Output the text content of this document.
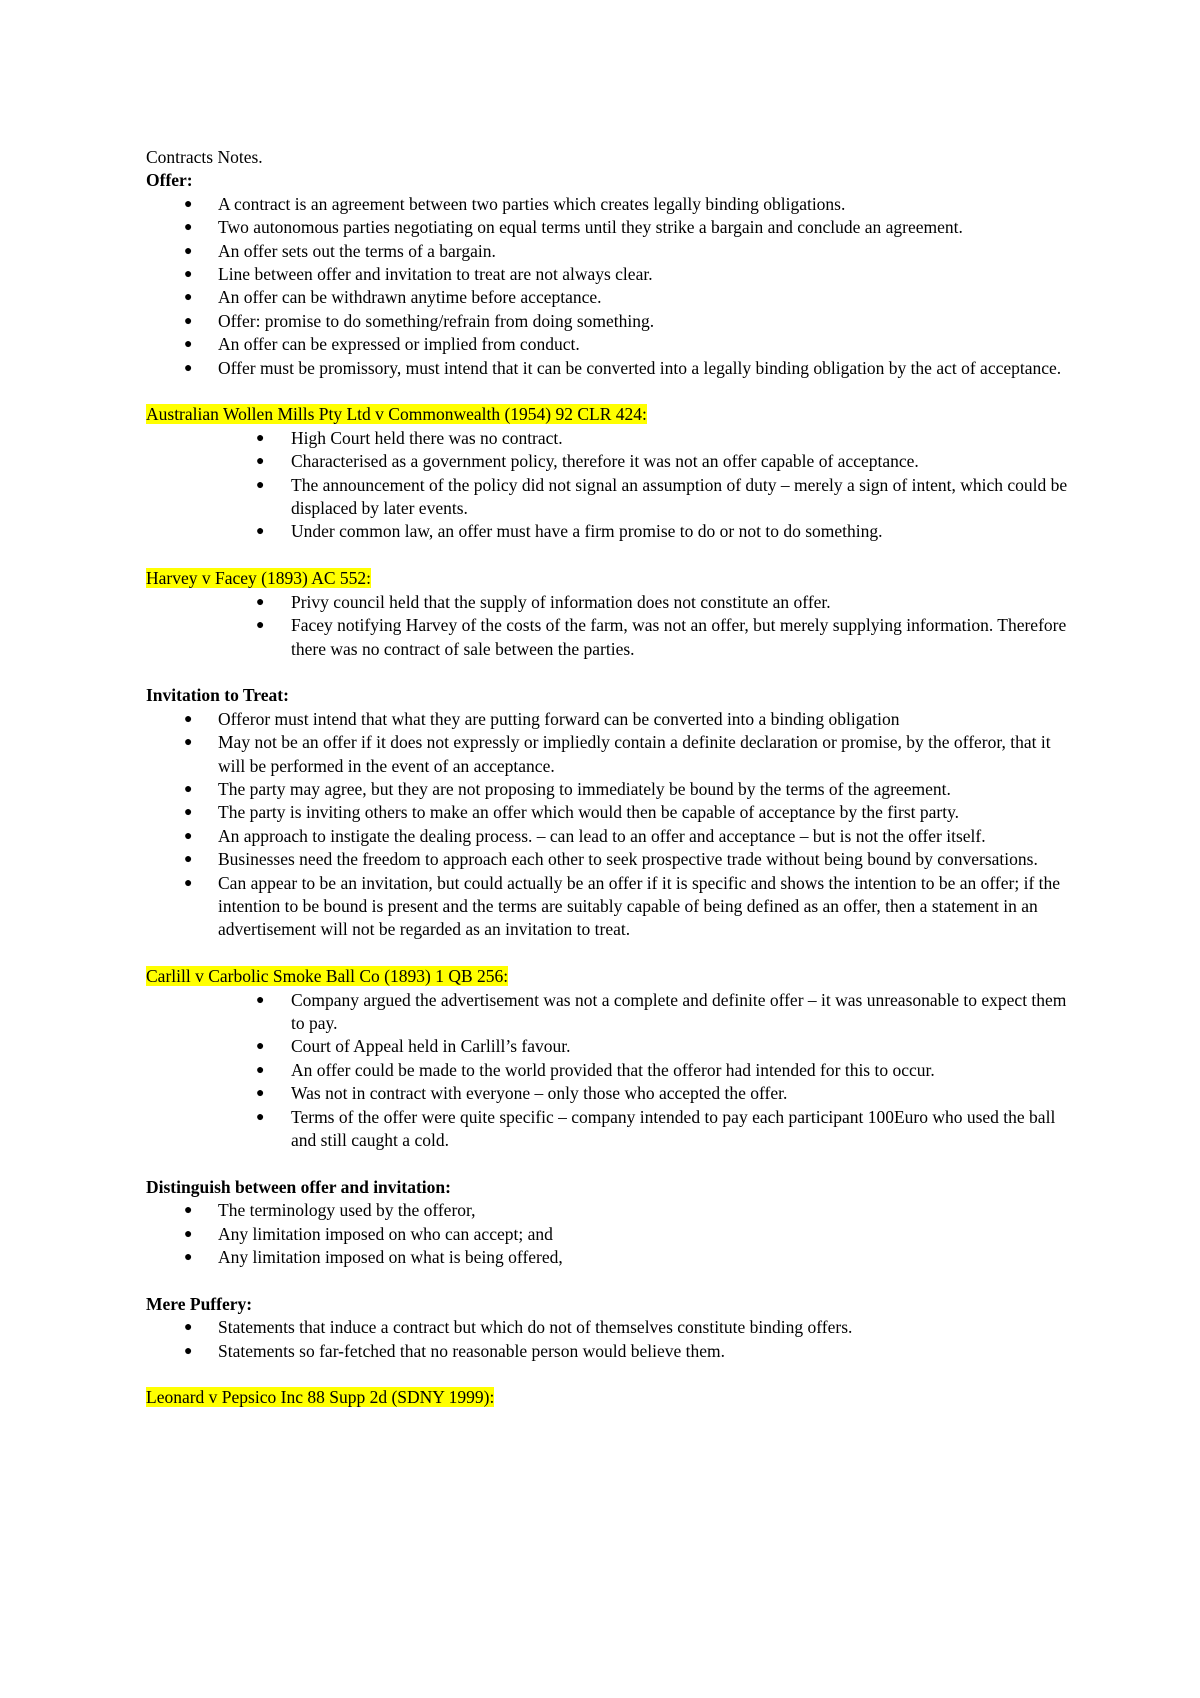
Contracts Notes.

Offer:

● A contract is an agreement between two parties which creates legally binding obligations.
● Two autonomous parties negotiating on equal terms until they strike a bargain and conclude an agreement.
● An offer sets out the terms of a bargain.
● Line between offer and invitation to treat are not always clear.
● An offer can be withdrawn anytime before acceptance.
● Offer: promise to do something/refrain from doing something.
● An offer can be expressed or implied from conduct.
● Offer must be promissory, must intend that it can be converted into a legally binding obligation by the act of acceptance.

Australian Wollen Mills Pty Ltd v Commonwealth (1954) 92 CLR 424:

● High Court held there was no contract.
● Characterised as a government policy, therefore it was not an offer capable of acceptance.
● The announcement of the policy did not signal an assumption of duty – merely a sign of intent, which could be displaced by later events.
● Under common law, an offer must have a firm promise to do or not to do something.

Harvey v Facey (1893) AC 552:

● Privy council held that the supply of information does not constitute an offer.
● Facey notifying Harvey of the costs of the farm, was not an offer, but merely supplying information. Therefore there was no contract of sale between the parties.

Invitation to Treat:

● Offeror must intend that what they are putting forward can be converted into a binding obligation
● May not be an offer if it does not expressly or impliedly contain a definite declaration or promise, by the offeror, that it will be performed in the event of an acceptance.
● The party may agree, but they are not proposing to immediately be bound by the terms of the agreement.
● The party is inviting others to make an offer which would then be capable of acceptance by the first party.
● An approach to instigate the dealing process. – can lead to an offer and acceptance – but is not the offer itself.
● Businesses need the freedom to approach each other to seek prospective trade without being bound by conversations.
● Can appear to be an invitation, but could actually be an offer if it is specific and shows the intention to be an offer; if the intention to be bound is present and the terms are suitably capable of being defined as an offer, then a statement in an advertisement will not be regarded as an invitation to treat.

Carlill v Carbolic Smoke Ball Co (1893) 1 QB 256:

● Company argued the advertisement was not a complete and definite offer – it was unreasonable to expect them to pay.
● Court of Appeal held in Carlill’s favour.
● An offer could be made to the world provided that the offeror had intended for this to occur.
● Was not in contract with everyone – only those who accepted the offer.
● Terms of the offer were quite specific – company intended to pay each participant 100Euro who used the ball and still caught a cold.

Distinguish between offer and invitation:

● The terminology used by the offeror,
● Any limitation imposed on who can accept; and
● Any limitation imposed on what is being offered,

Mere Puffery:

● Statements that induce a contract but which do not of themselves constitute binding offers.
● Statements so far-fetched that no reasonable person would believe them.

Leonard v Pepsico Inc 88 Supp 2d (SDNY 1999):
